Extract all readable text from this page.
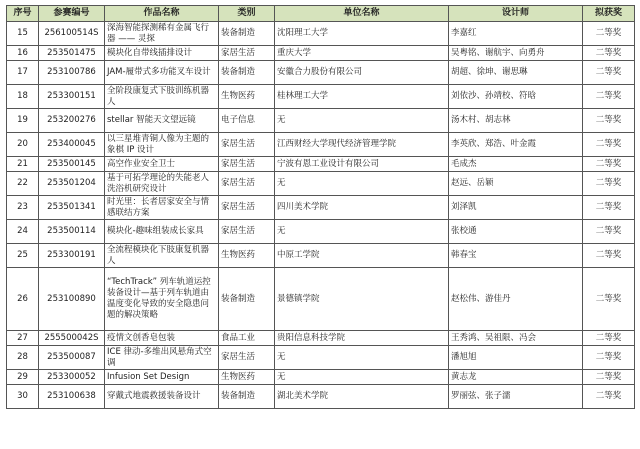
序号	参赛编号	作品名称	类别	单位名称	设计师	拟获奖
15	256100514S	深海智能探测稀有金属飞行器 —— 灵探	装备制造	沈阳理工大学	李嘉红	二等奖
16	253501475	模块化自带线插排设计	家居生活	重庆大学	吴粤铭、谢航宇、向勇舟	二等奖
17	253100786	JAM-履带式多功能叉车设计	装备制造	安徽合力股份有限公司	胡超、徐坤、谢思琳	二等奖
18	253300151	全阶段康复式下肢训练机器人	生物医药	桂林理工大学	刘依沙、孙靖校、符晗	二等奖
19	253200276	stellar 智能天文望远镜	电子信息	无	汤木村、胡志林	二等奖
20	253400045	以三星堆青铜人像为主题的象棋 IP 设计	家居生活	江西财经大学现代经济管理学院	李英欣、郑浩、叶金霞	二等奖
21	253500145	高空作业安全卫士	家居生活	宁波有恩工业设计有限公司	毛成杰	二等奖
22	253501204	基于可拓学理论的失能老人洗浴机研究设计	家居生活	无	赵远、岳颖	二等奖
23	253501341	时光里：长者居家安全与情感联结方案	家居生活	四川美术学院	刘泽凯	二等奖
24	253500114	模块化-趣味组装成长家具	家居生活	无	张校通	二等奖
25	253300191	全流程模块化下肢康复机器人	生物医药	中原工学院	韩春宝	二等奖
26	253100890	“TechTrack” 列车轨道运控装备设计—基于列车轨道由温度变化导致的安全隐患问题的解决策略	装备制造	景德镇学院	赵松伟、游佳丹	二等奖
27	255500042S	疫情文创香皂包装	食品工业	贵阳信息科技学院	王秀鸿、吴祖限、冯会	二等奖
28	253500087	ICE 律动-多维出风悬角式空调	家居生活	无	潘旭旭	二等奖
29	253300052	Infusion Set Design	生物医药	无	黄志龙	二等奖
30	253100638	穿戴式地震救援装备设计	装备制造	湖北美术学院	罗丽弦、张子濡	二等奖
